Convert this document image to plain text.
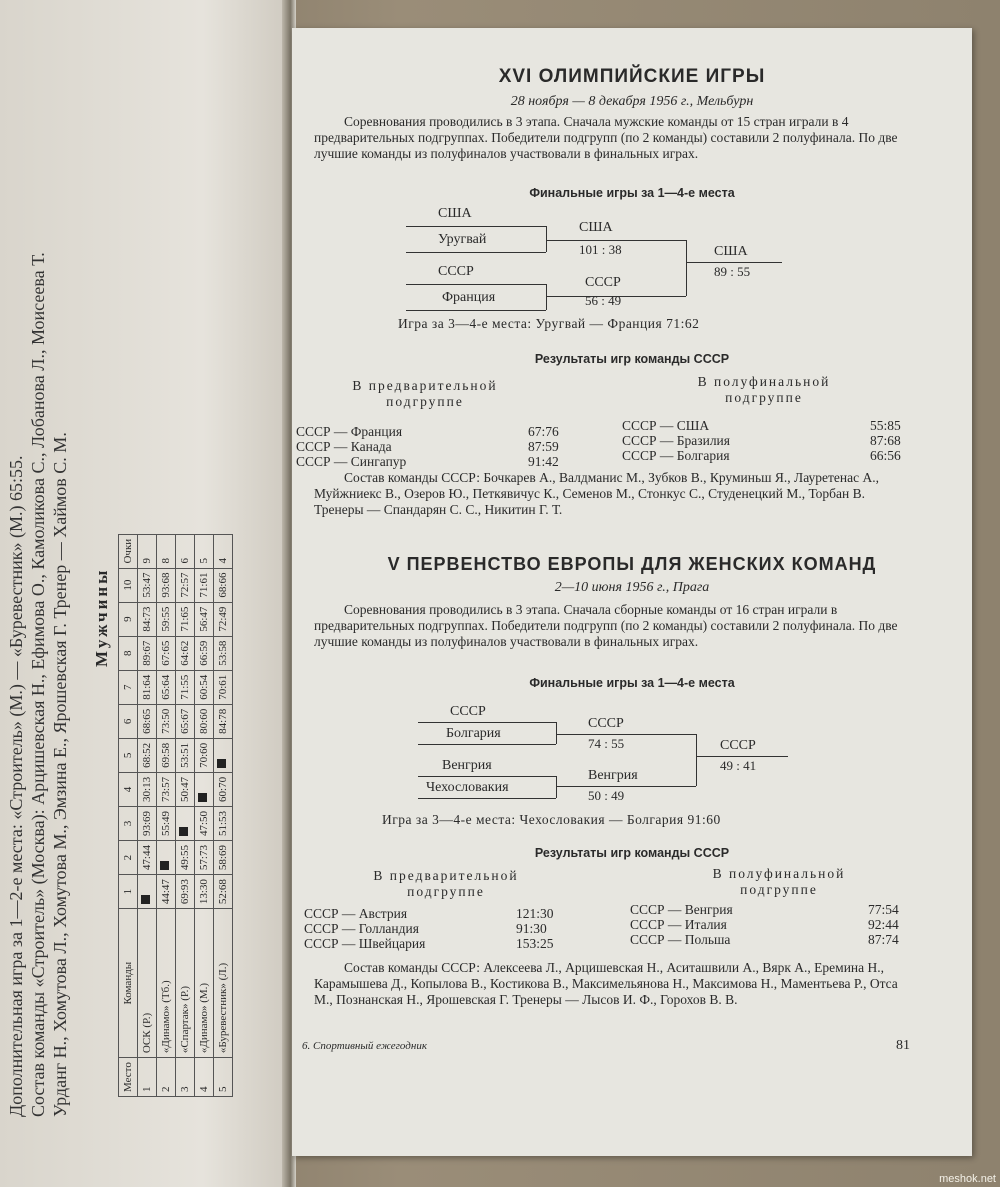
Дополнительная игра за 1—2-е места: «Строитель» (М.) — «Буревестник» (М.) 65:55. Состав команды «Строитель» (Москва): Арцишевская Н., Ефимова О., Камоликова С., Лобанова Л., Моисеева Т. Урданг Н., Хомутова Л., Хомутова М., Эмзина Е., Ярошевская Г. Тренер — Хаймов С. М. Мужчины
Место	Команды	1	2	3	4	5	6	7	8	9	10	Очки
1	ОСК (Р.)		47:44	93:69	30:13	68:52	68:65	81:64	89:67	84:73	53:47	9
2	«Динамо» (Тб.)	44:47		55:49	73:57	69:58	73:50	65:64	67:65	59:55	93:68	8
3	«Спартак» (Р.)	69:93	49:55		50:47	53:51	65:67	71:55	64:62	71:65	72:57	6
4	«Динамо» (М.)	13:30	57:73	47:50		70:60	80:60	60:54	66:59	56:47	71:61	5
5	«Буревестник» (Л.)	52:68	58:69	51:53	60:70		84:78	70:61	53:58	72:49	68:66	4
XVI ОЛИМПИЙСКИЕ ИГРЫ
28 ноября — 8 декабря 1956 г., Мельбурн
Соревнования проводились в 3 этапа. Сначала мужские команды от 15 стран играли в 4 предварительных подгруппах. Победители подгрупп (по 2 команды) составили 2 полуфинала. По две лучшие команды из полуфиналов участвовали в финальных играх.
Финальные игры за 1—4-е места
США
Уругвай
США
101 : 38
СССР
Франция
СССР
56 : 49
США
89 : 55
Игра за 3—4-е места: Уругвай — Франция 71:62
Результаты игр команды СССР
В предварительной подгруппе
В полуфинальной подгруппе
СССР — Франция	67:76
СССР — Канада	87:59
СССР — Сингапур	91:42
СССР — США	55:85
СССР — Бразилия	87:68
СССР — Болгария	66:56
Состав команды СССР: Бочкарев А., Валдманис М., Зубков В., Круминьш Я., Лауретенас А., Муйжниекс В., Озеров Ю., Петкявичус К., Семенов М., Стонкус С., Студенецкий М., Торбан В. Тренеры — Спандарян С. С., Никитин Г. Т.
V ПЕРВЕНСТВО ЕВРОПЫ ДЛЯ ЖЕНСКИХ КОМАНД
2—10 июня 1956 г., Прага
Соревнования проводились в 3 этапа. Сначала сборные команды от 16 стран играли в предварительных подгруппах. Победители подгрупп (по 2 команды) составили 2 полуфинала. По две лучшие команды из полуфиналов участвовали в финальных играх.
Финальные игры за 1—4-е места
СССР
Болгария
СССР
74 : 55
Венгрия
Чехословакия
Венгрия
50 : 49
СССР
49 : 41
Игра за 3—4-е места: Чехословакия — Болгария 91:60
Результаты игр команды СССР
В предварительной подгруппе
В полуфинальной подгруппе
СССР — Австрия	121:30
СССР — Голландия	91:30
СССР — Швейцария	153:25
СССР — Венгрия	77:54
СССР — Италия	92:44
СССР — Польша	87:74
Состав команды СССР: Алексеева Л., Арцишевская Н., Аситашвили А., Вярк А., Еремина Н., Карамышева Д., Копылова В., Костикова В., Максимельянова Н., Максимова Н., Маментьева Р., Отса М., Познанская Н., Ярошевская Г. Тренеры — Лысов И. Ф., Горохов В. В.
6. Спортивный ежегодник	81
meshok.net
